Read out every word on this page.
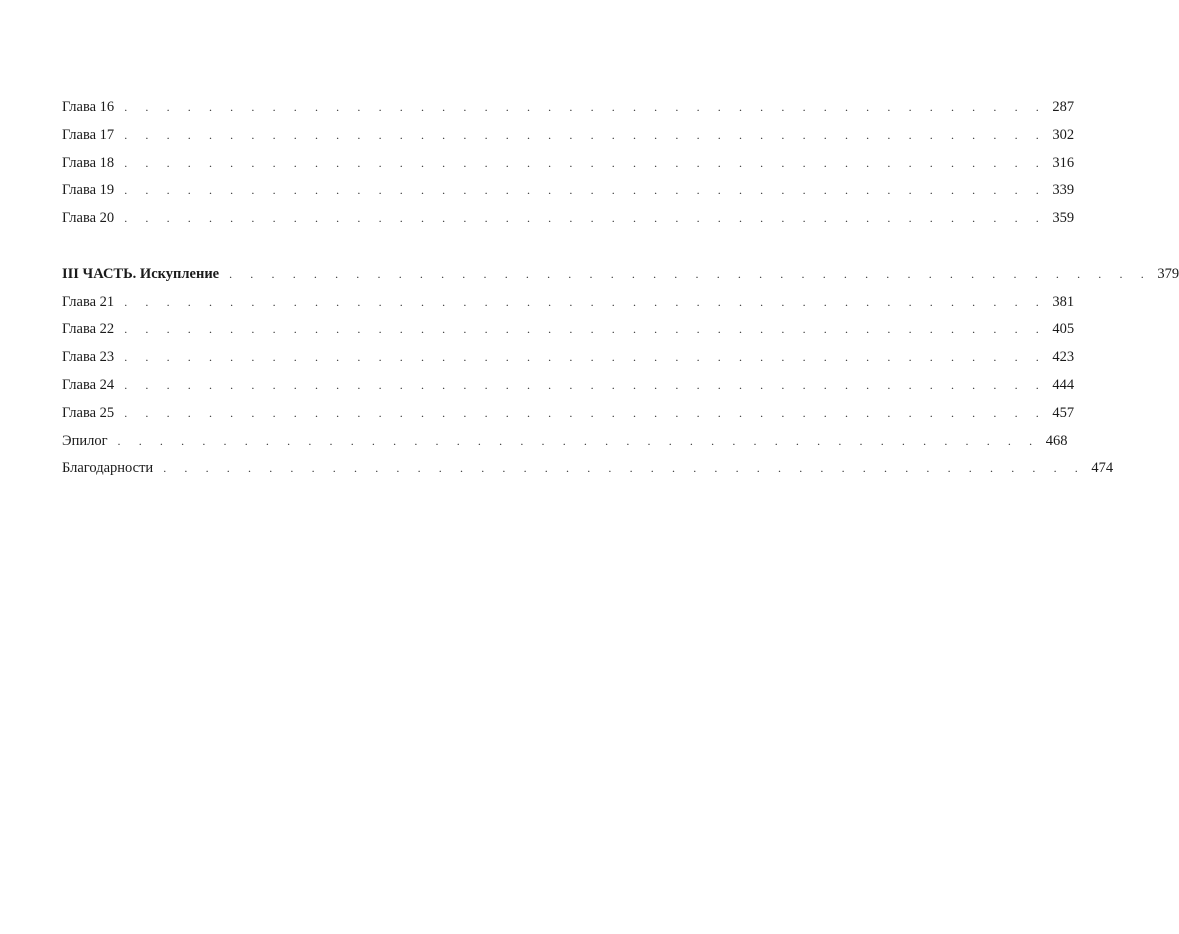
Глава 16 . . . . . . . . . . . . . . . . . . . . . . . . . . . . . . . . . . . . . . . . . . . . 287
Глава 17 . . . . . . . . . . . . . . . . . . . . . . . . . . . . . . . . . . . . . . . . . . . . 302
Глава 18 . . . . . . . . . . . . . . . . . . . . . . . . . . . . . . . . . . . . . . . . . . . . 316
Глава 19 . . . . . . . . . . . . . . . . . . . . . . . . . . . . . . . . . . . . . . . . . . . . 339
Глава 20 . . . . . . . . . . . . . . . . . . . . . . . . . . . . . . . . . . . . . . . . . . . . 359
III ЧАСТЬ. Искупление . . . . . . . . . . . . . . . . . . . . . . . . . . . . . . . . . . . . . . . . . . . . 379
Глава 21 . . . . . . . . . . . . . . . . . . . . . . . . . . . . . . . . . . . . . . . . . . . . 381
Глава 22 . . . . . . . . . . . . . . . . . . . . . . . . . . . . . . . . . . . . . . . . . . . . 405
Глава 23 . . . . . . . . . . . . . . . . . . . . . . . . . . . . . . . . . . . . . . . . . . . . 423
Глава 24 . . . . . . . . . . . . . . . . . . . . . . . . . . . . . . . . . . . . . . . . . . . . 444
Глава 25 . . . . . . . . . . . . . . . . . . . . . . . . . . . . . . . . . . . . . . . . . . . . 457
Эпилог . . . . . . . . . . . . . . . . . . . . . . . . . . . . . . . . . . . . . . . . . . . . 468
Благодарности . . . . . . . . . . . . . . . . . . . . . . . . . . . . . . . . . . . . . . . . . . . . 474
